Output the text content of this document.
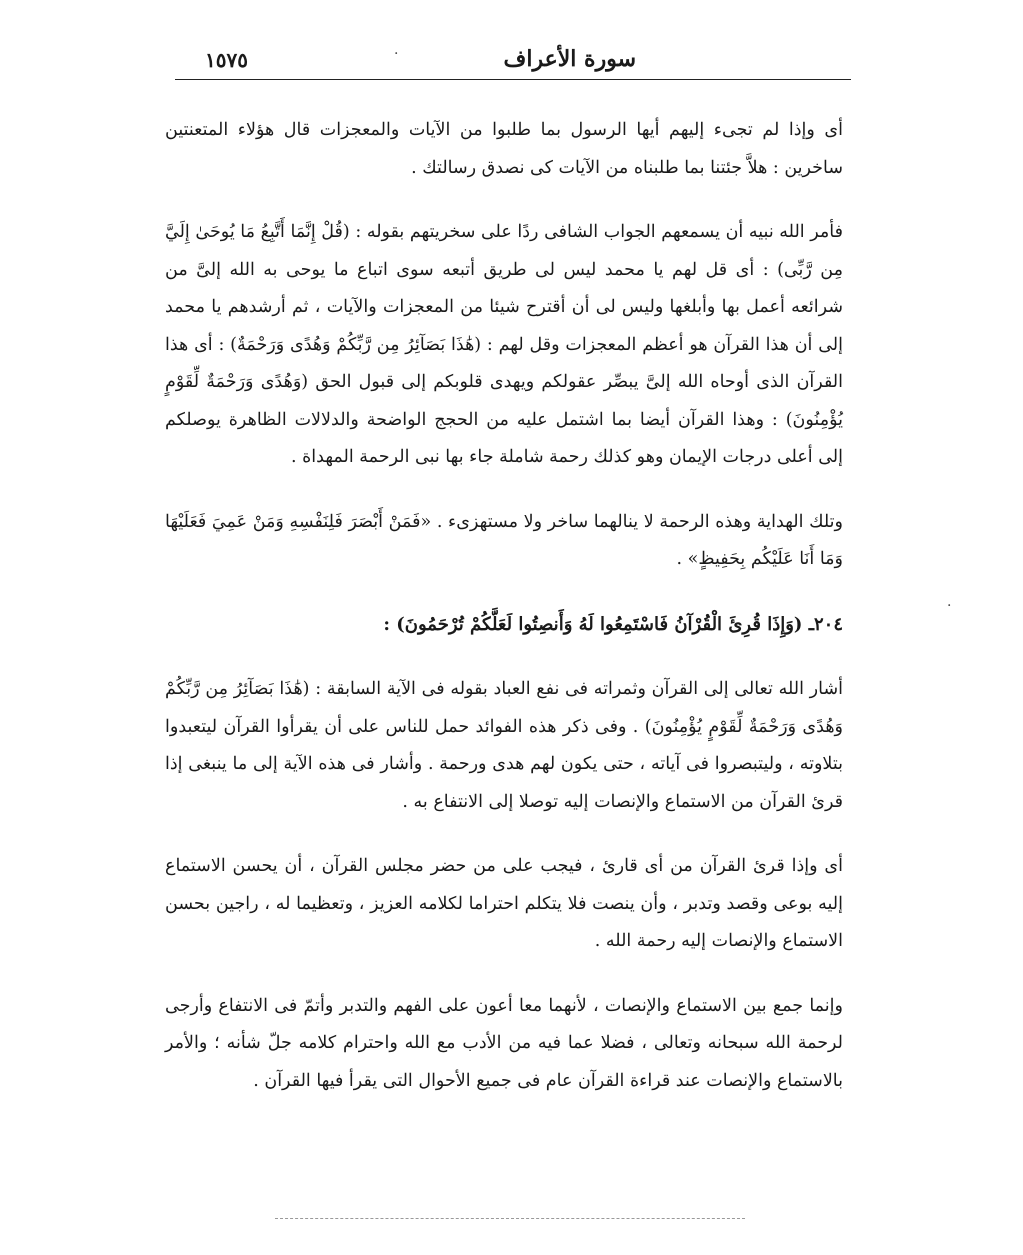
سورة الأعراف
١٥٧٥

أى وإذا لم تجىء إليهم أيها الرسول بما طلبوا من الآيات والمعجزات قال هؤلاء المتعنتين ساخرين : هلاَّ جئتنا بما طلبناه من الآيات كى نصدق رسالتك .

فأمر الله نبيه أن يسمعهم الجواب الشافى ردًا على سخريتهم بقوله : (قُلْ إِنَّمَا أَتَّبِعُ مَا يُوحَىٰ إِلَيَّ مِن رَّبِّى) : أى قل لهم يا محمد ليس لى طريق أتبعه سوى اتباع ما يوحى به الله إلىَّ من شرائعه أعمل بها وأبلغها وليس لى أن أقترح شيئا من المعجزات والآيات ، ثم أرشدهم يا محمد إلى أن هذا القرآن هو أعظم المعجزات وقل لهم : (هَٰذَا بَصَآئِرُ مِن رَّبِّكُمْ وَهُدًى وَرَحْمَةٌ) : أى هذا القرآن الذى أوحاه الله إلىَّ يبصِّر عقولكم ويهدى قلوبكم إلى قبول الحق (وَهُدًى وَرَحْمَةٌ لِّقَوْمٍ يُؤْمِنُونَ) : وهذا القرآن أيضا بما اشتمل عليه من الحجج الواضحة والدلالات الظاهرة يوصلكم إلى أعلى درجات الإيمان وهو كذلك رحمة شاملة جاء بها نبى الرحمة المهداة .

وتلك الهداية وهذه الرحمة لا ينالهما ساخر ولا مستهزىء . «فَمَنْ أَبْصَرَ فَلِنَفْسِهِ وَمَنْ عَمِيَ فَعَلَيْهَا وَمَا أَنَا عَلَيْكُم بِحَفِيظٍ» .

٢٠٤ـ (وَإِذَا قُرِئَ الْقُرْآنُ فَاسْتَمِعُوا لَهُ وَأَنصِتُوا لَعَلَّكُمْ تُرْحَمُونَ) :

أشار الله تعالى إلى القرآن وثمراته فى نفع العباد بقوله فى الآية السابقة : (هَٰذَا بَصَآئِرُ مِن رَّبِّكُمْ وَهُدًى وَرَحْمَةٌ لِّقَوْمٍ يُؤْمِنُونَ) . وفى ذكر هذه الفوائد حمل للناس على أن يقرأوا القرآن ليتعبدوا بتلاوته ، وليتبصروا فى آياته ، حتى يكون لهم هدى ورحمة . وأشار فى هذه الآية إلى ما ينبغى إذا قرئ القرآن من الاستماع والإنصات إليه توصلا إلى الانتفاع به .

أى وإذا قرئ القرآن من أى قارئ ، فيجب على من حضر مجلس القرآن ، أن يحسن الاستماع إليه بوعى وقصد وتدبر ، وأن ينصت فلا يتكلم احتراما لكلامه العزيز ، وتعظيما له ، راجين بحسن الاستماع والإنصات إليه رحمة الله .

وإنما جمع بين الاستماع والإنصات ، لأنهما معا أعون على الفهم والتدبر وأتمّ فى الانتفاع وأرجى لرحمة الله سبحانه وتعالى ، فضلا عما فيه من الأدب مع الله واحترام كلامه جلّ شأنه ؛ والأمر بالاستماع والإنصات عند قراءة القرآن عام فى جميع الأحوال التى يقرأ فيها القرآن .

·
·
